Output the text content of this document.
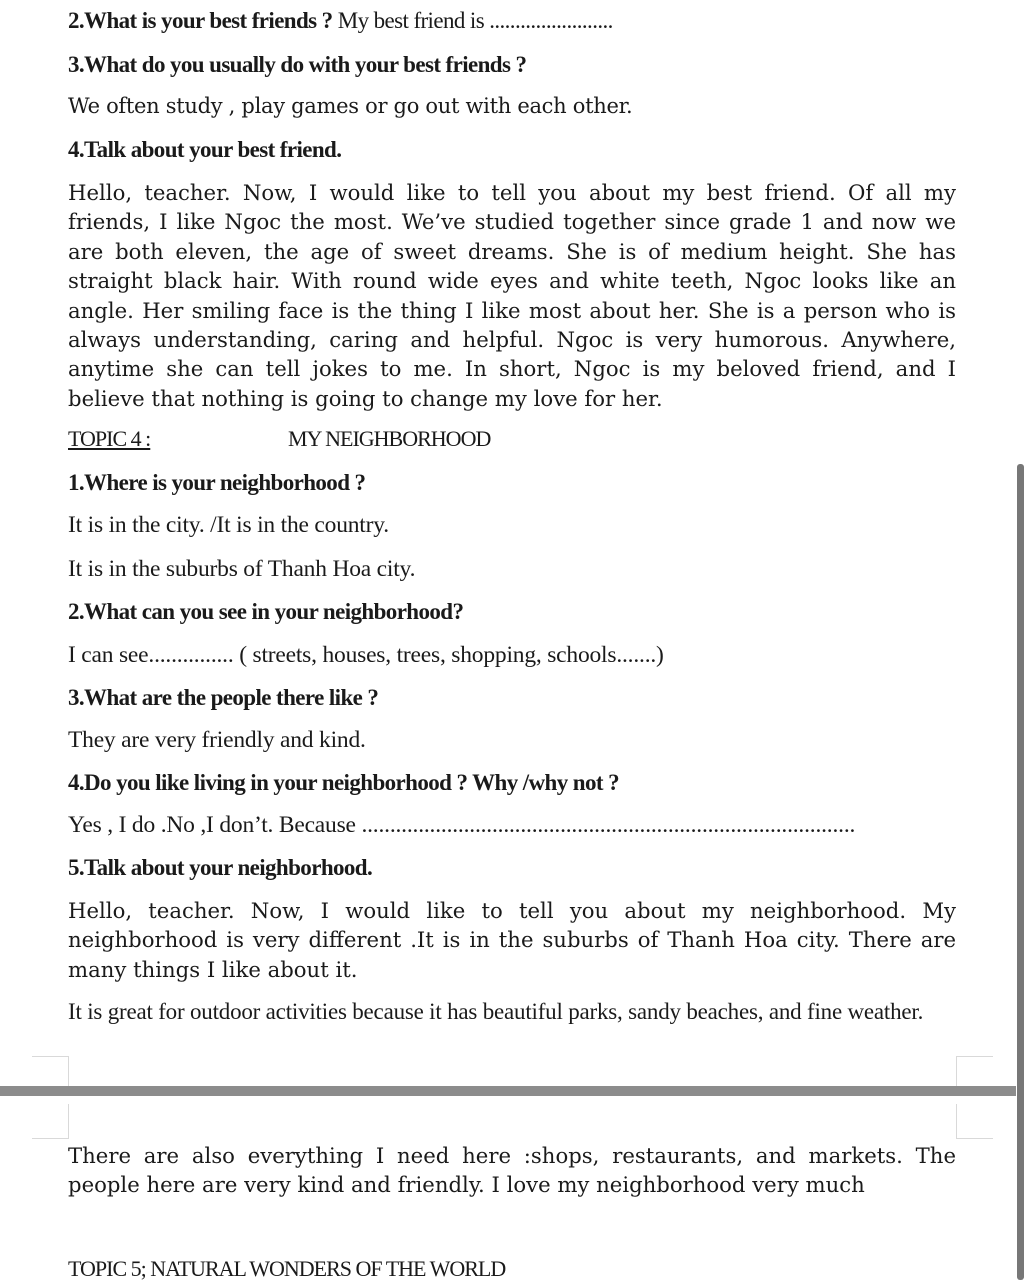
2.What is your best friends ? My best friend is ........................
3.What do you usually do with your best friends ?
We often study , play games or go out with each other.
4.Talk about your best friend.
Hello, teacher. Now, I would like to tell you about my best friend. Of all my friends, I like Ngoc the most. We’ve studied together since grade 1 and now we are both eleven, the age of sweet dreams. She is of medium height. She has straight black hair. With round wide eyes and white teeth, Ngoc looks like an angle. Her smiling face is the thing I like most about her. She is a person who is always understanding, caring and helpful. Ngoc is very humorous. Anywhere, anytime she can tell jokes to me. In short, Ngoc is my beloved friend, and I believe that nothing is going to change my love for her.
TOPIC 4 :	MY NEIGHBORHOOD
1.Where is your neighborhood ?
It is in the city. /It is in the country.
It is in the suburbs of Thanh Hoa city.
2.What can you see in your neighborhood?
I can see............... ( streets, houses, trees, shopping, schools.......)
3.What are the people there like ?
They are very friendly and kind.
4.Do you like living in your neighborhood ? Why /why not ?
Yes , I do .No ,I don’t. Because .......................................................................................
5.Talk about your neighborhood.
Hello, teacher. Now, I would like to tell you about my neighborhood. My neighborhood is very different .It is in the suburbs of Thanh Hoa city. There are many things I like about it.
It is great for outdoor activities because it has beautiful parks, sandy beaches, and fine weather.
There are also everything I need here :shops, restaurants, and markets. The people here are very kind and friendly. I love my neighborhood very much
TOPIC 5; NATURAL WONDERS OF THE WORLD
